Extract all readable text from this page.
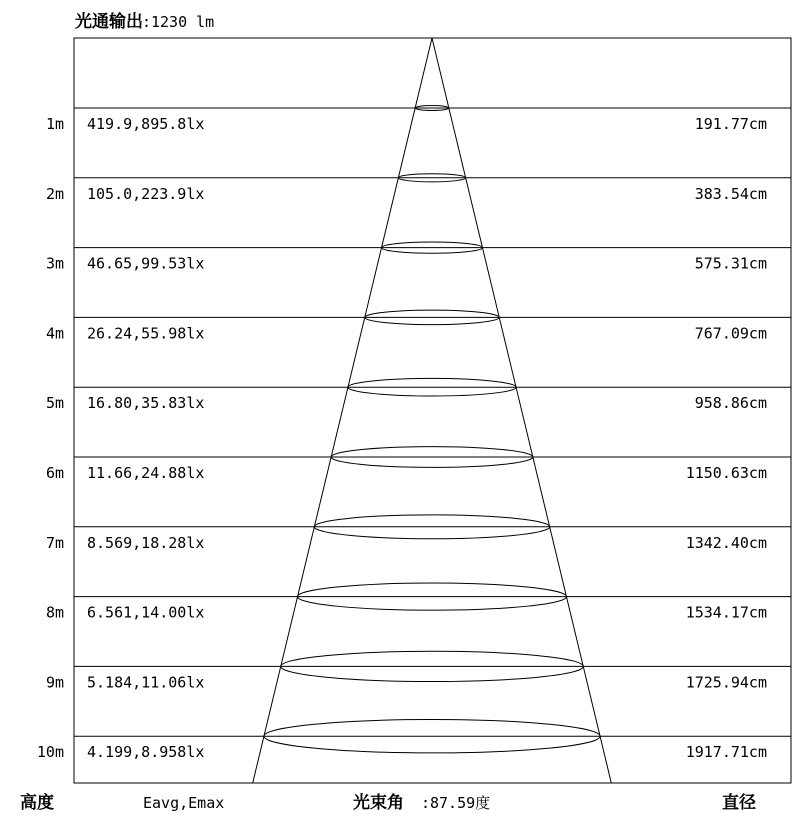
光通输出 : 1230 lm
1m 419.9,895.8lx	191.77cm
2m 105.0,223.9lx	383.54cm
3m 46.65,99.53lx	575.31cm
4m 26.24,55.98lx	767.09cm
5m 16.80,35.83lx	958.86cm
6m 11.66,24.88lx	1150.63cm
7m 8.569,18.28lx	1342.40cm
8m 6.561,14.00lx	1534.17cm
9m 5.184,11.06lx	1725.94cm
10m 4.199,8.958lx	1917.71cm
高度	Eavg,Emax	光束角 : 87.59度	直径
